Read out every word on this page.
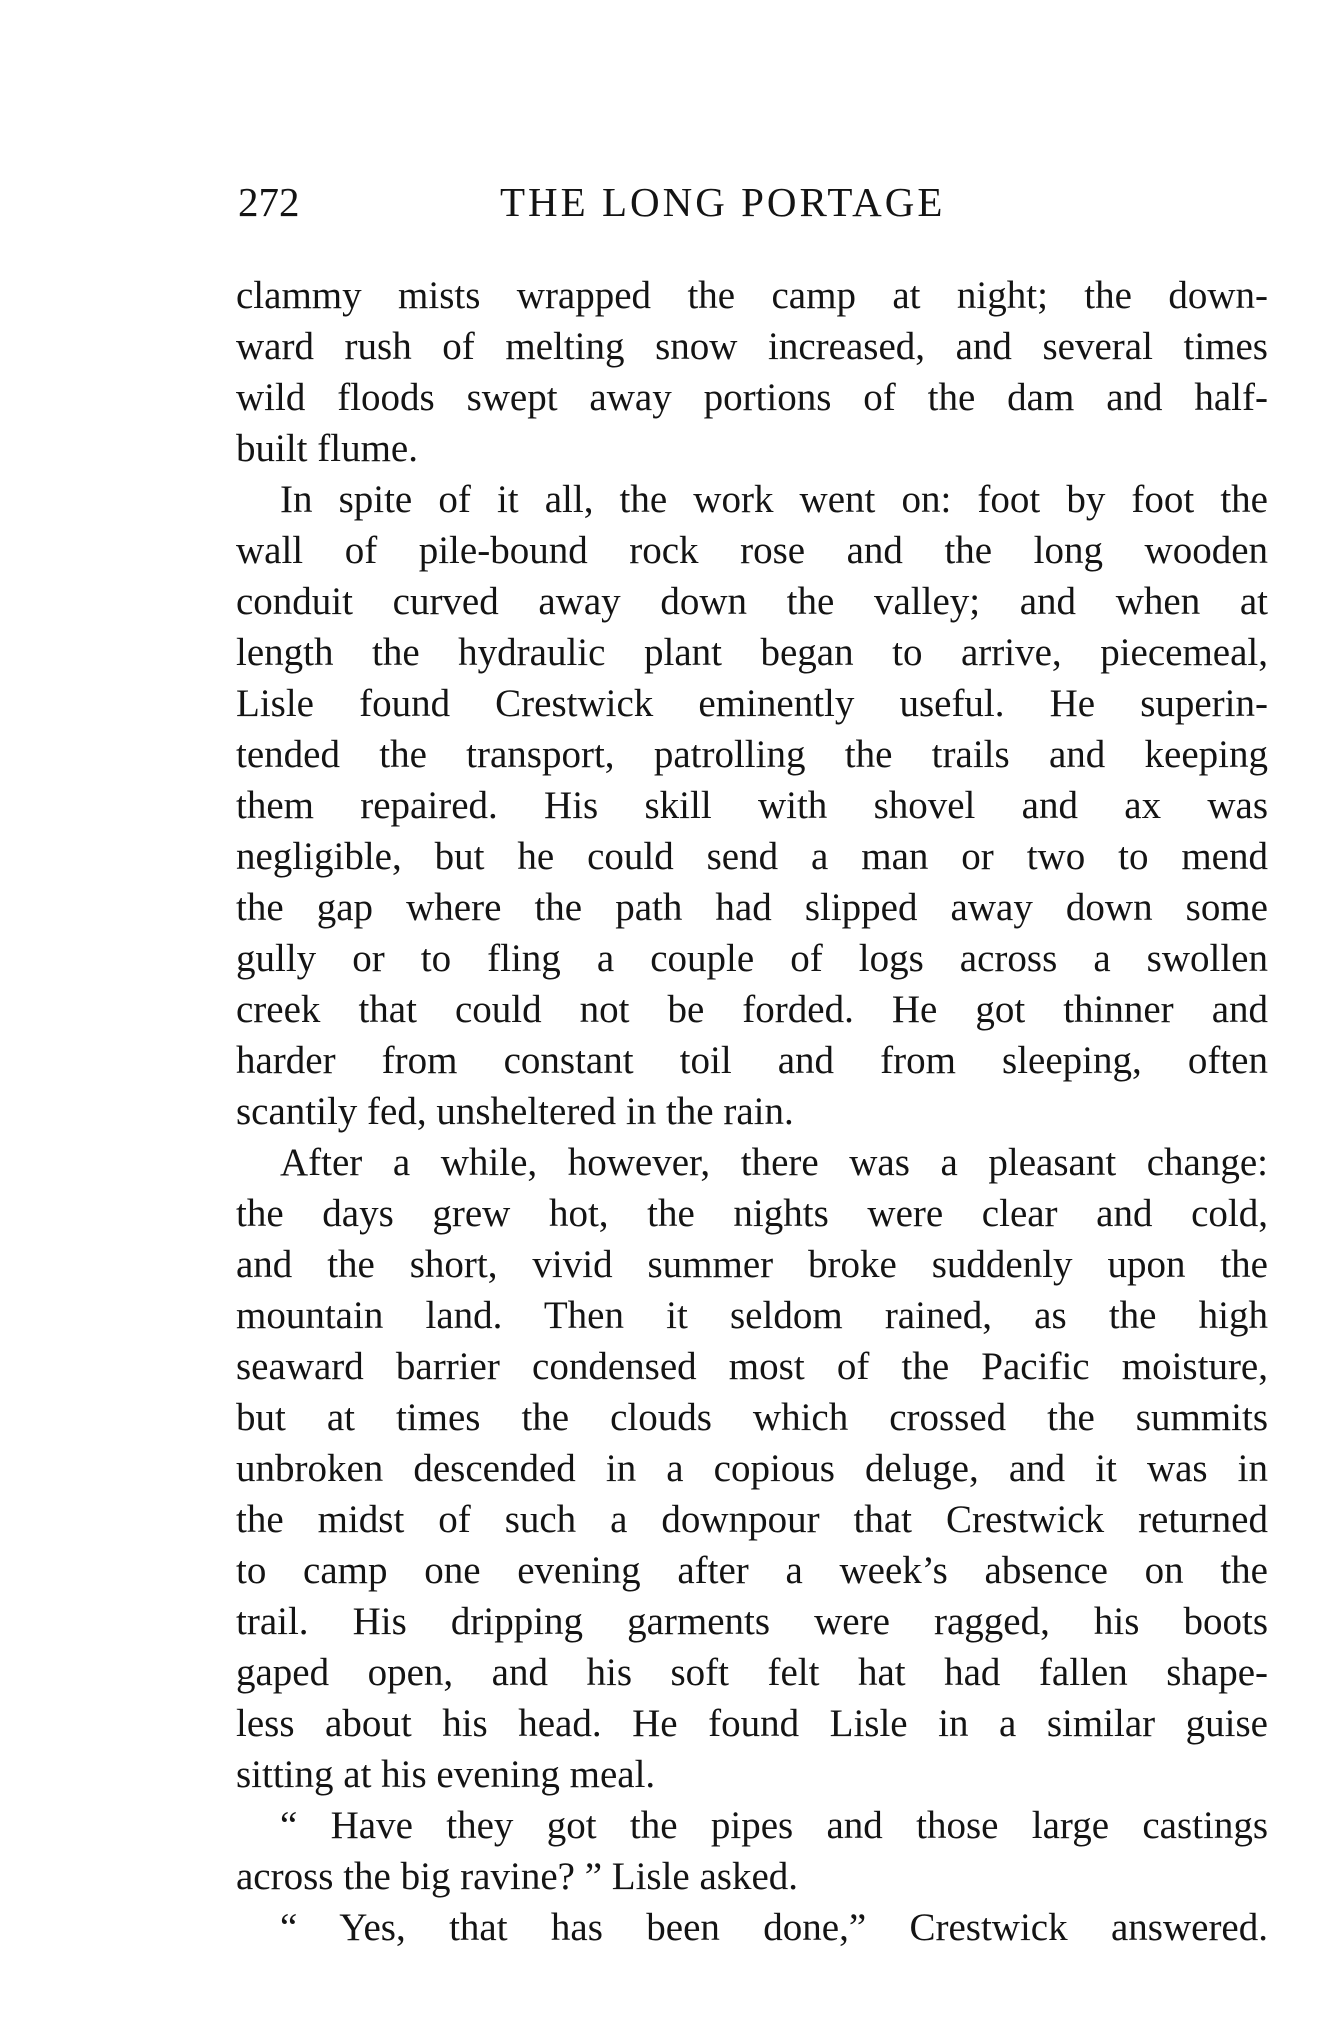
272	THE LONG PORTAGE
clammy mists wrapped the camp at night; the down-
ward rush of melting snow increased, and several times
wild floods swept away portions of the dam and half-
built flume.
In spite of it all, the work went on: foot by foot the
wall of pile-bound rock rose and the long wooden
conduit curved away down the valley; and when at
length the hydraulic plant began to arrive, piecemeal,
Lisle found Crestwick eminently useful. He superin-
tended the transport, patrolling the trails and keeping
them repaired. His skill with shovel and ax was
negligible, but he could send a man or two to mend
the gap where the path had slipped away down some
gully or to fling a couple of logs across a swollen
creek that could not be forded. He got thinner and
harder from constant toil and from sleeping, often
scantily fed, unsheltered in the rain.
After a while, however, there was a pleasant change:
the days grew hot, the nights were clear and cold,
and the short, vivid summer broke suddenly upon the
mountain land. Then it seldom rained, as the high
seaward barrier condensed most of the Pacific moisture,
but at times the clouds which crossed the summits
unbroken descended in a copious deluge, and it was in
the midst of such a downpour that Crestwick returned
to camp one evening after a week’s absence on the
trail. His dripping garments were ragged, his boots
gaped open, and his soft felt hat had fallen shape-
less about his head. He found Lisle in a similar guise
sitting at his evening meal.
“ Have they got the pipes and those large castings
across the big ravine? ” Lisle asked.
“ Yes, that has been done,” Crestwick answered.
